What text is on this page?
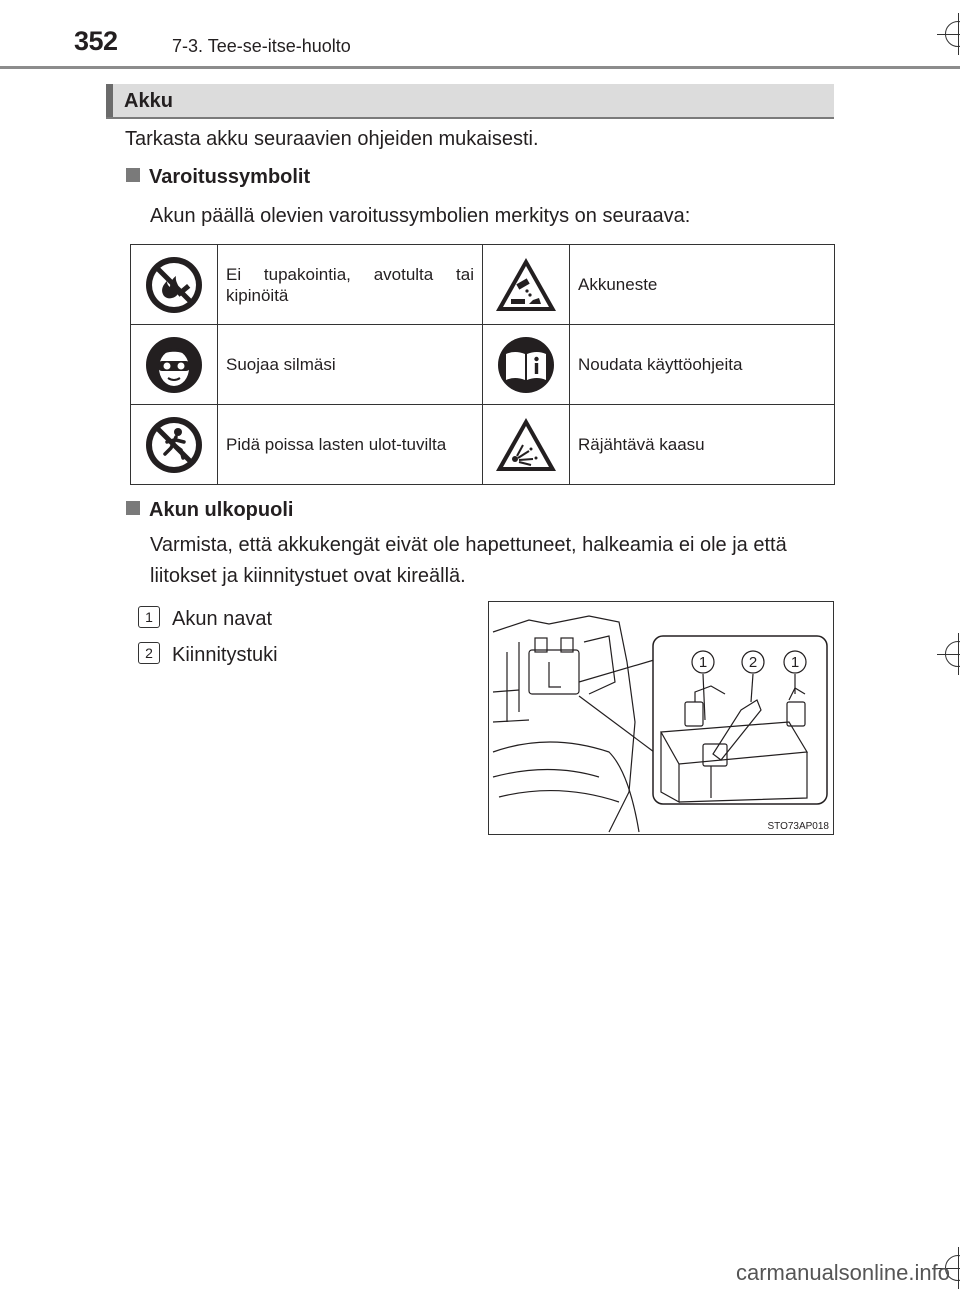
352	7-3. Tee-se-itse-huolto
Akku
Tarkasta akku seuraavien ohjeiden mukaisesti.
Varoitussymbolit
Akun päällä olevien varoitussymbolien merkitys on seuraava:
	Ei tupakointia, avotulta tai kipinöitä		Akkuneste

	Suojaa silmäsi		Noudata käyttöohjeita

	Pidä poissa lasten ulot-tuvilta		Räjähtävä kaasu
Akun ulkopuoli
Varmista, että akkukengät eivät ole hapettuneet, halkeamia ei ole ja että liitokset ja kiinnitystuet ovat kireällä.
1 Akun navat
2 Kiinnitystuki	1	2 1
STO73AP018
carmanualsonline.info
